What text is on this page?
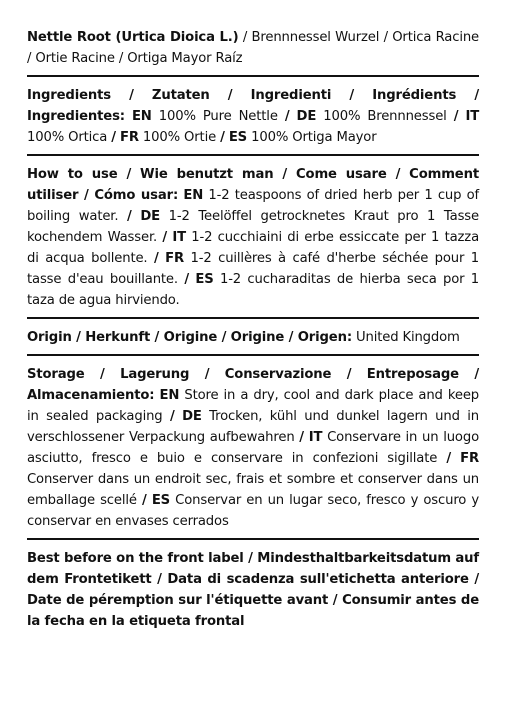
Nettle Root (Urtica Dioica L.) / Brennnessel Wurzel / Ortica Racine / Ortie Racine / Ortiga Mayor Raíz
Ingredients / Zutaten / Ingredienti / Ingrédients / Ingredientes: EN 100% Pure Nettle / DE 100% Brennnessel / IT 100% Ortica / FR 100% Ortie / ES 100% Ortiga Mayor
How to use / Wie benutzt man / Come usare / Comment utiliser / Cómo usar: EN 1-2 teaspoons of dried herb per 1 cup of boiling water. / DE 1-2 Teelöffel getrocknetes Kraut pro 1 Tasse kochendem Wasser. / IT 1-2 cucchiaini di erbe essiccate per 1 tazza di acqua bollente. / FR 1-2 cuillères à café d'herbe séchée pour 1 tasse d'eau bouillante. / ES 1-2 cucharaditas de hierba seca por 1 taza de agua hirviendo.
Origin / Herkunft / Origine / Origine / Origen: United Kingdom
Storage / Lagerung / Conservazione / Entreposage / Almacenamiento: EN Store in a dry, cool and dark place and keep in sealed packaging / DE Trocken, kühl und dunkel lagern und in verschlossener Verpackung aufbewahren / IT Conservare in un luogo asciutto, fresco e buio e conservare in confezioni sigillate / FR Conserver dans un endroit sec, frais et sombre et conserver dans un emballage scellé / ES Conservar en un lugar seco, fresco y oscuro y conservar en envases cerrados
Best before on the front label / Mindesthaltbarkeitsdatum auf dem Frontetikett / Data di scadenza sull'etichetta anteriore / Date de péremption sur l'étiquette avant / Consumir antes de la fecha en la etiqueta frontal
